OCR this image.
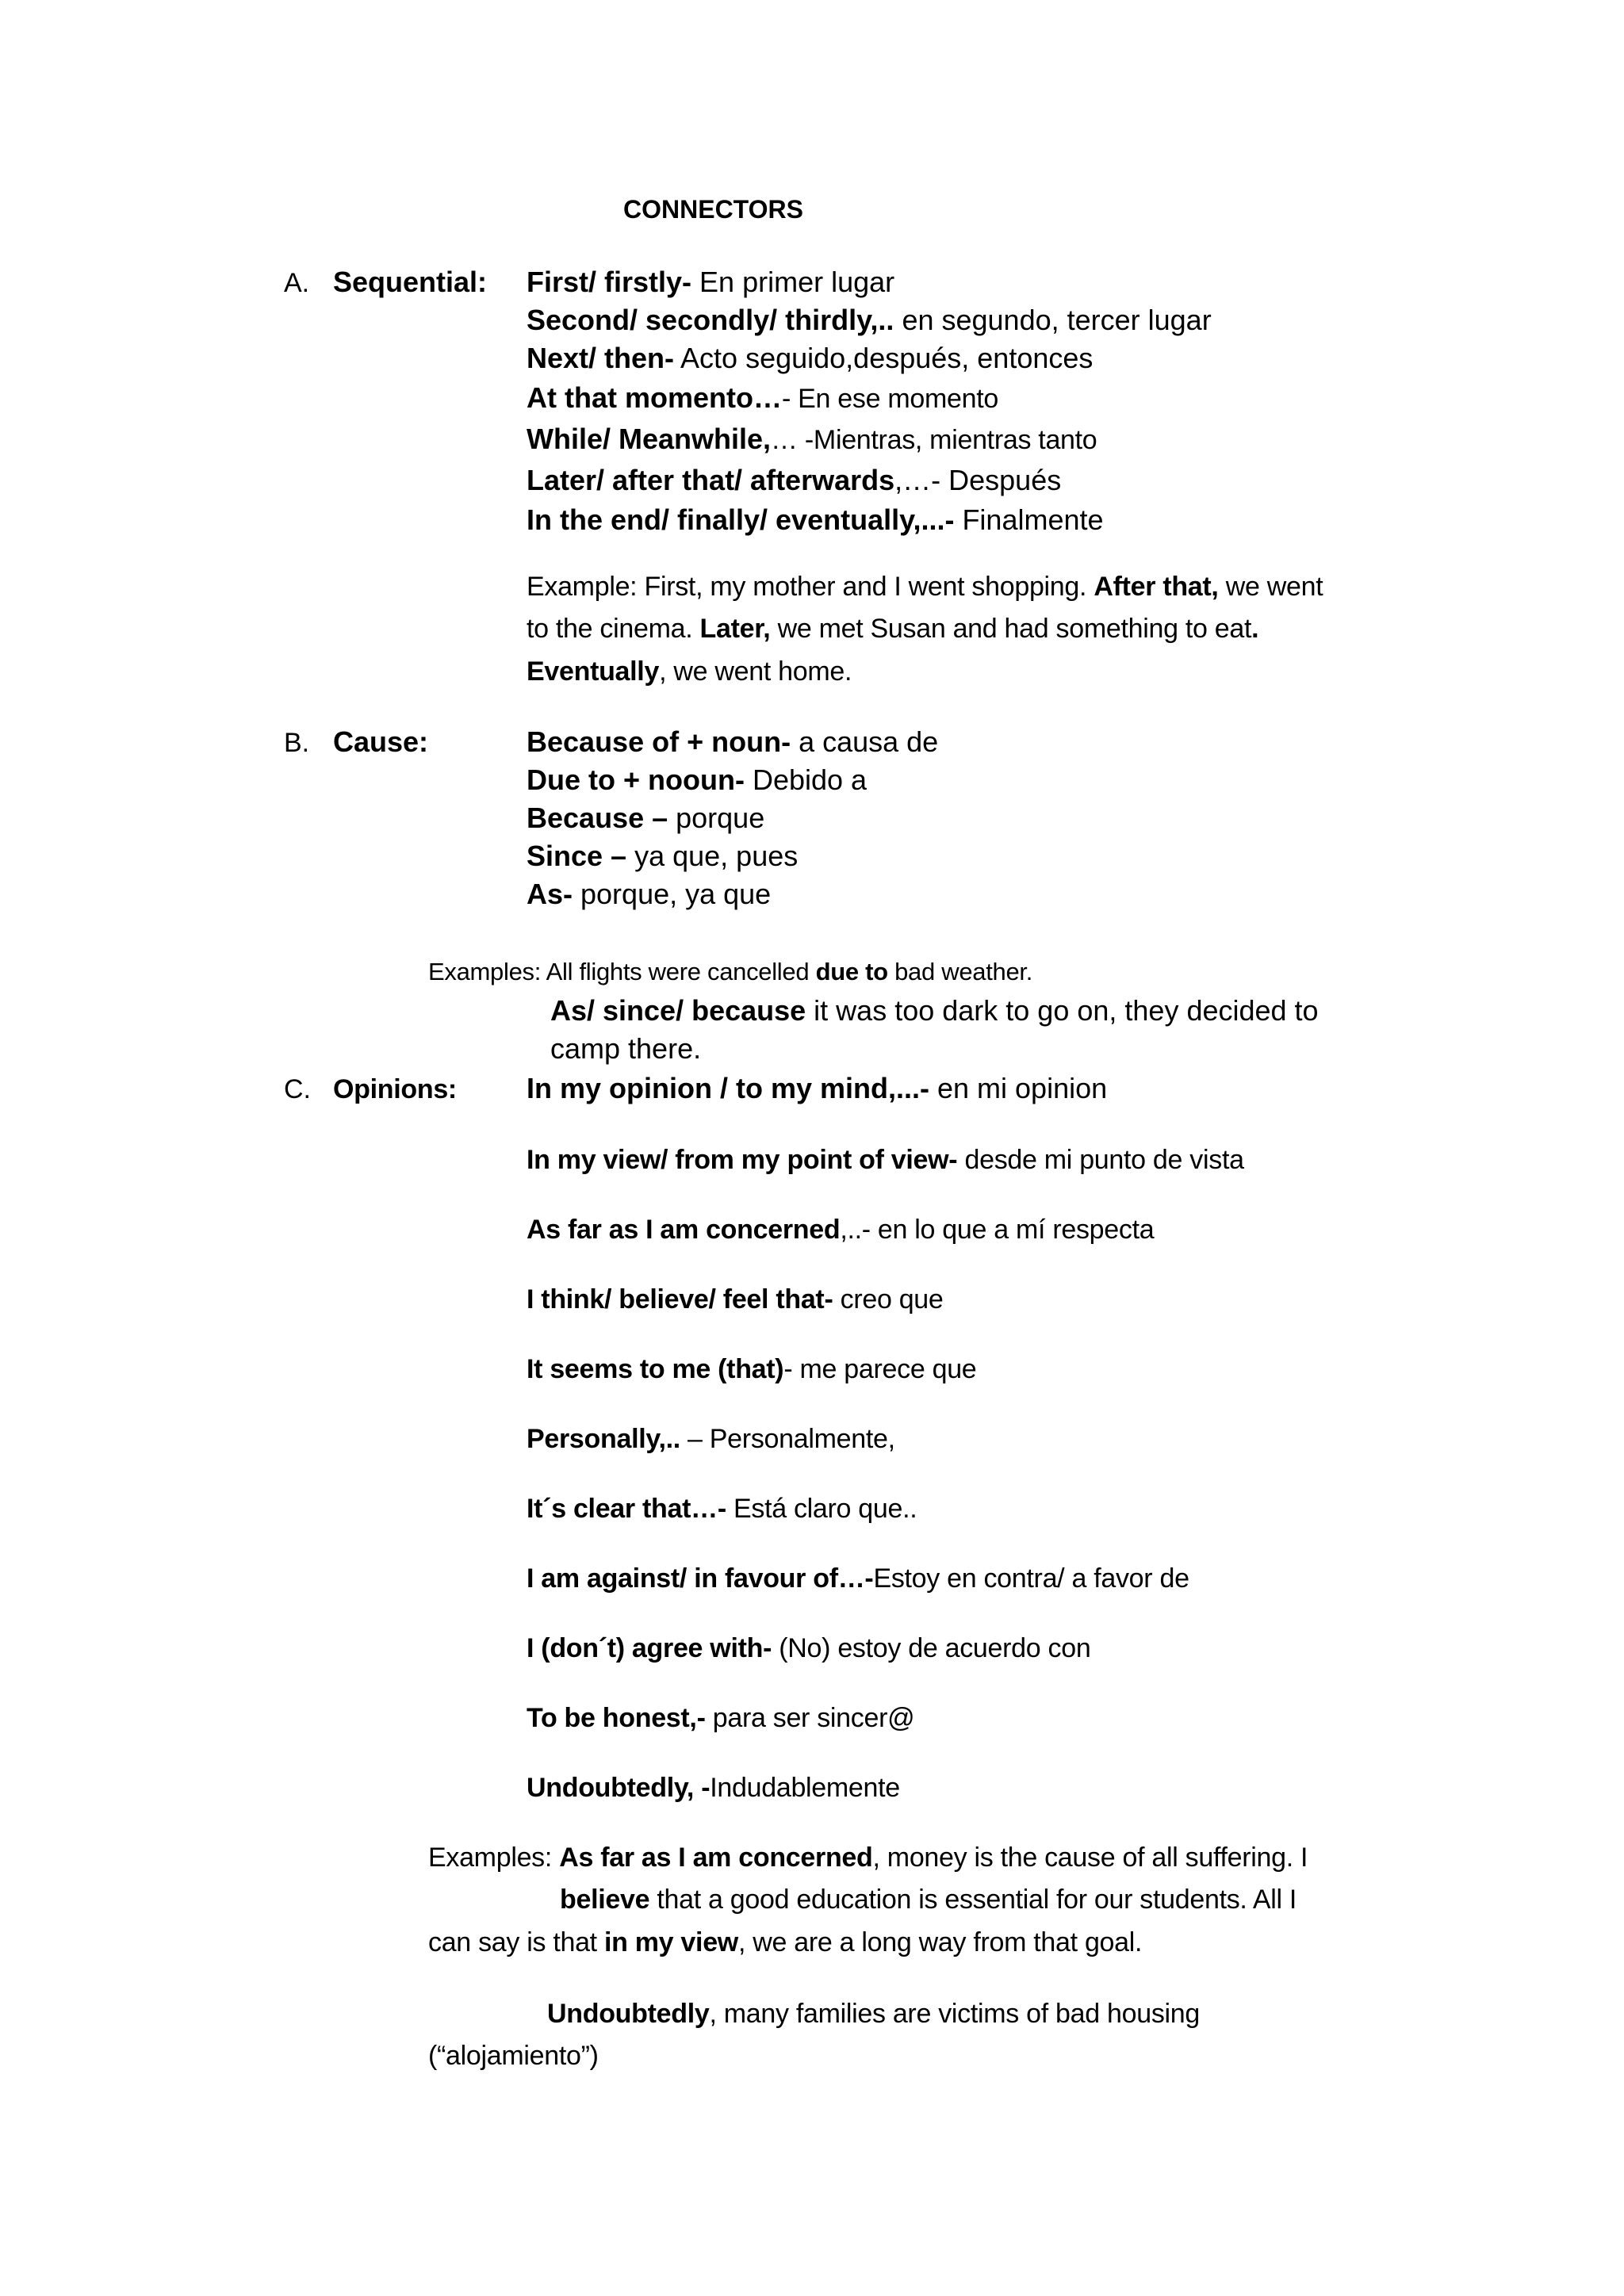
CONNECTORS
A. Sequential: First/ firstly- En primer lugar
Second/ secondly/ thirdly,.. en segundo, tercer lugar
Next/ then- Acto seguido,después, entonces
At that momento…- En ese momento
While/ Meanwhile,… -Mientras, mientras tanto
Later/ after that/ afterwards,…- Después
In the end/ finally/ eventually,...- Finalmente
Example: First, my mother and I went shopping. After that, we went
to the cinema. Later, we met Susan and had something to eat.
Eventually, we went home.
B. Cause:	Because of + noun- a causa de
Due to + nooun- Debido a
Because – porque
Since – ya que, pues
As- porque, ya que
Examples: All flights were cancelled due to bad weather.
As/ since/ because it was too dark to go on, they decided to
camp there.
C. Opinions: In my opinion / to my mind,...- en mi opinion
In my view/ from my point of view- desde mi punto de vista
As far as I am concerned,..- en lo que a mí respecta
I think/ believe/ feel that- creo que
It seems to me (that)- me parece que
Personally,.. – Personalmente,
It´s clear that…- Está claro que..
I am against/ in favour of…-Estoy en contra/ a favor de
I (don´t) agree with- (No) estoy de acuerdo con
To be honest,- para ser sincer@
Undoubtedly, -Indudablemente
Examples: As far as I am concerned, money is the cause of all suffering. I
believe that a good education is essential for our students. All I
can say is that in my view, we are a long way from that goal.
Undoubtedly, many families are victims of bad housing
(“alojamiento”)
